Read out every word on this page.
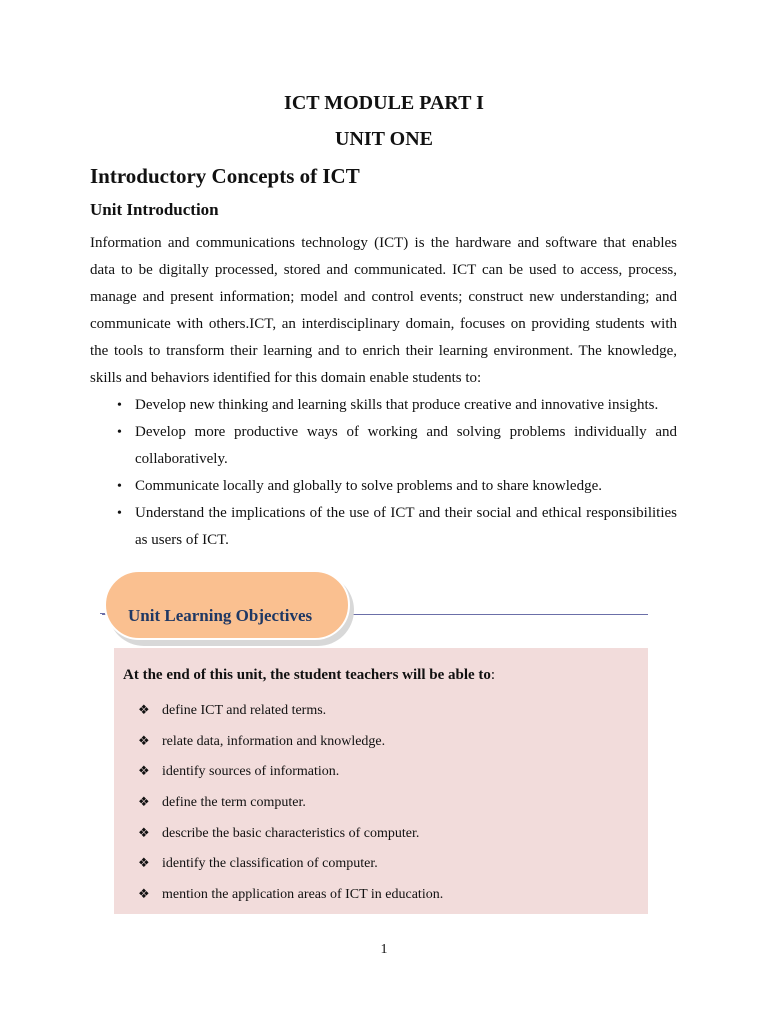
ICT MODULE PART I
UNIT ONE
Introductory Concepts of ICT
Unit Introduction

Information and communications technology (ICT) is the hardware and software that enables data to be digitally processed, stored and communicated. ICT can be used to access, process, manage and present information; model and control events; construct new understanding; and communicate with others.ICT, an interdisciplinary domain, focuses on providing students with the tools to transform their learning and to enrich their learning environment. The knowledge, skills and behaviors identified for this domain enable students to:

• Develop new thinking and learning skills that produce creative and innovative insights.
• Develop more productive ways of working and solving problems individually and collaboratively.
• Communicate locally and globally to solve problems and to share knowledge.
• Understand the implications of the use of ICT and their social and ethical responsibilities as users of ICT.

Unit Learning Objectives

At the end of this unit, the student teachers will be able to:

❖ define ICT and related terms.
❖ relate data, information and knowledge.
❖ identify sources of information.
❖ define the term computer.
❖ describe the basic characteristics of computer.
❖ identify the classification of computer.
❖ mention the application areas of ICT in education.

1
